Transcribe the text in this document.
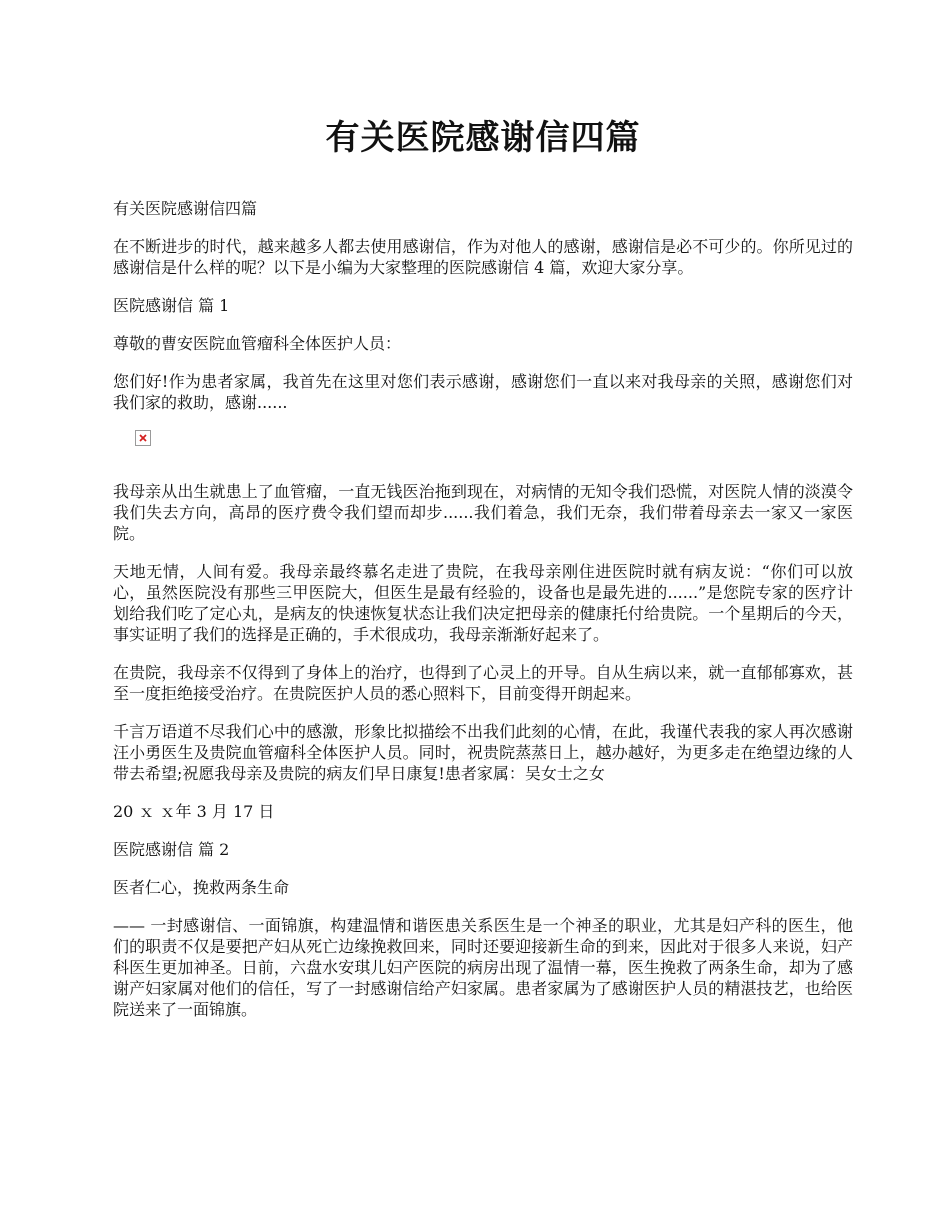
有关医院感谢信四篇

有关医院感谢信四篇

在不断进步的时代，越来越多人都去使用感谢信，作为对他人的感谢，感谢信是必不可少的。你所见过的感谢信是什么样的呢？以下是小编为大家整理的医院感谢信 4 篇，欢迎大家分享。

医院感谢信 篇 1

尊敬的曹安医院血管瘤科全体医护人员：

您们好!作为患者家属，我首先在这里对您们表示感谢，感谢您们一直以来对我母亲的关照，感谢您们对我们家的救助，感谢......

我母亲从出生就患上了血管瘤，一直无钱医治拖到现在，对病情的无知令我们恐慌，对医院人情的淡漠令我们失去方向，高昂的医疗费令我们望而却步......我们着急，我们无奈，我们带着母亲去一家又一家医院。

天地无情，人间有爱。我母亲最终慕名走进了贵院，在我母亲刚住进医院时就有病友说：“你们可以放心，虽然医院没有那些三甲医院大，但医生是最有经验的，设备也是最先进的......”是您院专家的医疗计划给我们吃了定心丸，是病友的快速恢复状态让我们决定把母亲的健康托付给贵院。一个星期后的今天，事实证明了我们的选择是正确的，手术很成功，我母亲渐渐好起来了。

在贵院，我母亲不仅得到了身体上的治疗，也得到了心灵上的开导。自从生病以来，就一直郁郁寡欢，甚至一度拒绝接受治疗。在贵院医护人员的悉心照料下，目前变得开朗起来。

千言万语道不尽我们心中的感激，形象比拟描绘不出我们此刻的心情，在此，我谨代表我的家人再次感谢汪小勇医生及贵院血管瘤科全体医护人员。同时，祝贵院蒸蒸日上，越办越好，为更多走在绝望边缘的人带去希望;祝愿我母亲及贵院的病友们早日康复!患者家属：吴女士之女

20 ｘ ｘ年 3 月 17 日

医院感谢信 篇 2

医者仁心，挽救两条生命

—— 一封感谢信、一面锦旗，构建温情和谐医患关系医生是一个神圣的职业，尤其是妇产科的医生，他们的职责不仅是要把产妇从死亡边缘挽救回来，同时还要迎接新生命的到来，因此对于很多人来说，妇产科医生更加神圣。日前，六盘水安琪儿妇产医院的病房出现了温情一幕，医生挽救了两条生命，却为了感谢产妇家属对他们的信任，写了一封感谢信给产妇家属。患者家属为了感谢医护人员的精湛技艺，也给医院送来了一面锦旗。
